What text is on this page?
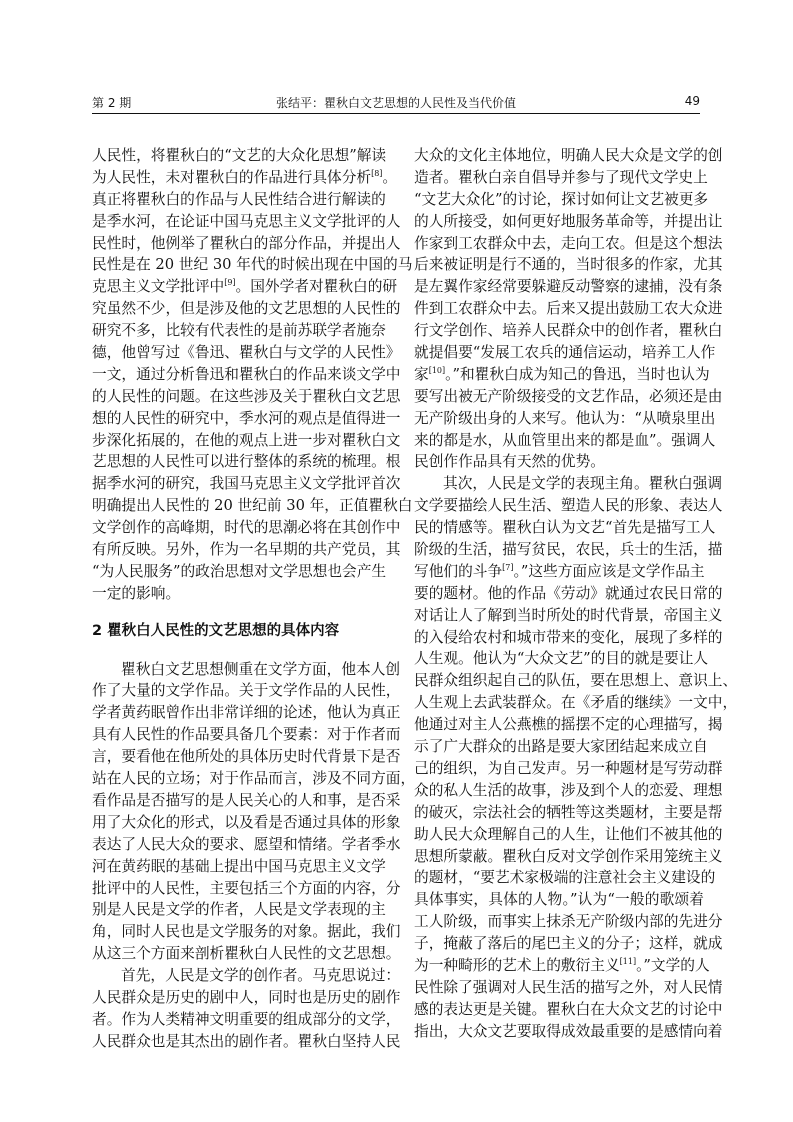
第 2 期	张结平：瞿秋白文艺思想的人民性及当代价值	49
人民性，将瞿秋白的“文艺的大众化思想”解读
为人民性，未对瞿秋白的作品进行具体分析[8]。
真正将瞿秋白的作品与人民性结合进行解读的
是季水河，在论证中国马克思主义文学批评的人
民性时，他例举了瞿秋白的部分作品，并提出人
民性是在 20 世纪 30 年代的时候出现在中国的马
克思主义文学批评中[9]。国外学者对瞿秋白的研
究虽然不少，但是涉及他的文艺思想的人民性的
研究不多，比较有代表性的是前苏联学者施奈
德，他曾写过《鲁迅、瞿秋白与文学的人民性》
一文，通过分析鲁迅和瞿秋白的作品来谈文学中
的人民性的问题。在这些涉及关于瞿秋白文艺思
想的人民性的研究中，季水河的观点是值得进一
步深化拓展的，在他的观点上进一步对瞿秋白文
艺思想的人民性可以进行整体的系统的梳理。根
据季水河的研究，我国马克思主义文学批评首次
明确提出人民性的 20 世纪前 30 年，正值瞿秋白
文学创作的高峰期，时代的思潮必将在其创作中
有所反映。另外，作为一名早期的共产党员，其
“为人民服务”的政治思想对文学思想也会产生
一定的影响。
2 瞿秋白人民性的文艺思想的具体内容
瞿秋白文艺思想侧重在文学方面，他本人创
作了大量的文学作品。关于文学作品的人民性，
学者黄药眠曾作出非常详细的论述，他认为真正
具有人民性的作品要具备几个要素：对于作者而
言，要看他在他所处的具体历史时代背景下是否
站在人民的立场；对于作品而言，涉及不同方面，
看作品是否描写的是人民关心的人和事，是否采
用了大众化的形式，以及看是否通过具体的形象
表达了人民大众的要求、愿望和情绪。学者季水
河在黄药眠的基础上提出中国马克思主义文学
批评中的人民性，主要包括三个方面的内容，分
别是人民是文学的作者，人民是文学表现的主
角，同时人民也是文学服务的对象。据此，我们
从这三个方面来剖析瞿秋白人民性的文艺思想。
首先，人民是文学的创作者。马克思说过：
人民群众是历史的剧中人，同时也是历史的剧作
者。作为人类精神文明重要的组成部分的文学，
人民群众也是其杰出的剧作者。瞿秋白坚持人民
大众的文化主体地位，明确人民大众是文学的创
造者。瞿秋白亲自倡导并参与了现代文学史上
“文艺大众化”的讨论，探讨如何让文艺被更多
的人所接受，如何更好地服务革命等，并提出让
作家到工农群众中去，走向工农。但是这个想法
后来被证明是行不通的，当时很多的作家，尤其
是左翼作家经常要躲避反动警察的逮捕，没有条
件到工农群众中去。后来又提出鼓励工农大众进
行文学创作、培养人民群众中的创作者，瞿秋白
就提倡要“发展工农兵的通信运动，培养工人作
家[10]。”和瞿秋白成为知己的鲁迅，当时也认为
要写出被无产阶级接受的文艺作品，必须还是由
无产阶级出身的人来写。他认为：“从喷泉里出
来的都是水，从血管里出来的都是血”。强调人
民创作作品具有天然的优势。
其次，人民是文学的表现主角。瞿秋白强调
文学要描绘人民生活、塑造人民的形象、表达人
民的情感等。瞿秋白认为文艺“首先是描写工人
阶级的生活，描写贫民，农民，兵士的生活，描
写他们的斗争[7]。”这些方面应该是文学作品主
要的题材。他的作品《劳动》就通过农民日常的
对话让人了解到当时所处的时代背景，帝国主义
的入侵给农村和城市带来的变化，展现了多样的
人生观。他认为“大众文艺”的目的就是要让人
民群众组织起自己的队伍，要在思想上、意识上、
人生观上去武装群众。在《矛盾的继续》一文中，
他通过对主人公燕樵的摇摆不定的心理描写，揭
示了广大群众的出路是要大家团结起来成立自
己的组织，为自己发声。另一种题材是写劳动群
众的私人生活的故事，涉及到个人的恋爱、理想
的破灭，宗法社会的牺牲等这类题材，主要是帮
助人民大众理解自己的人生，让他们不被其他的
思想所蒙蔽。瞿秋白反对文学创作采用笼统主义
的题材，“要艺术家极端的注意社会主义建设的
具体事实，具体的人物。”认为“一般的歌颂着
工人阶级，而事实上抹杀无产阶级内部的先进分
子，掩蔽了落后的尾巴主义的分子；这样，就成
为一种畸形的艺术上的敷衍主义[11]。”文学的人
民性除了强调对人民生活的描写之外，对人民情
感的表达更是关键。瞿秋白在大众文艺的讨论中
指出，大众文艺要取得成效最重要的是感情向着
